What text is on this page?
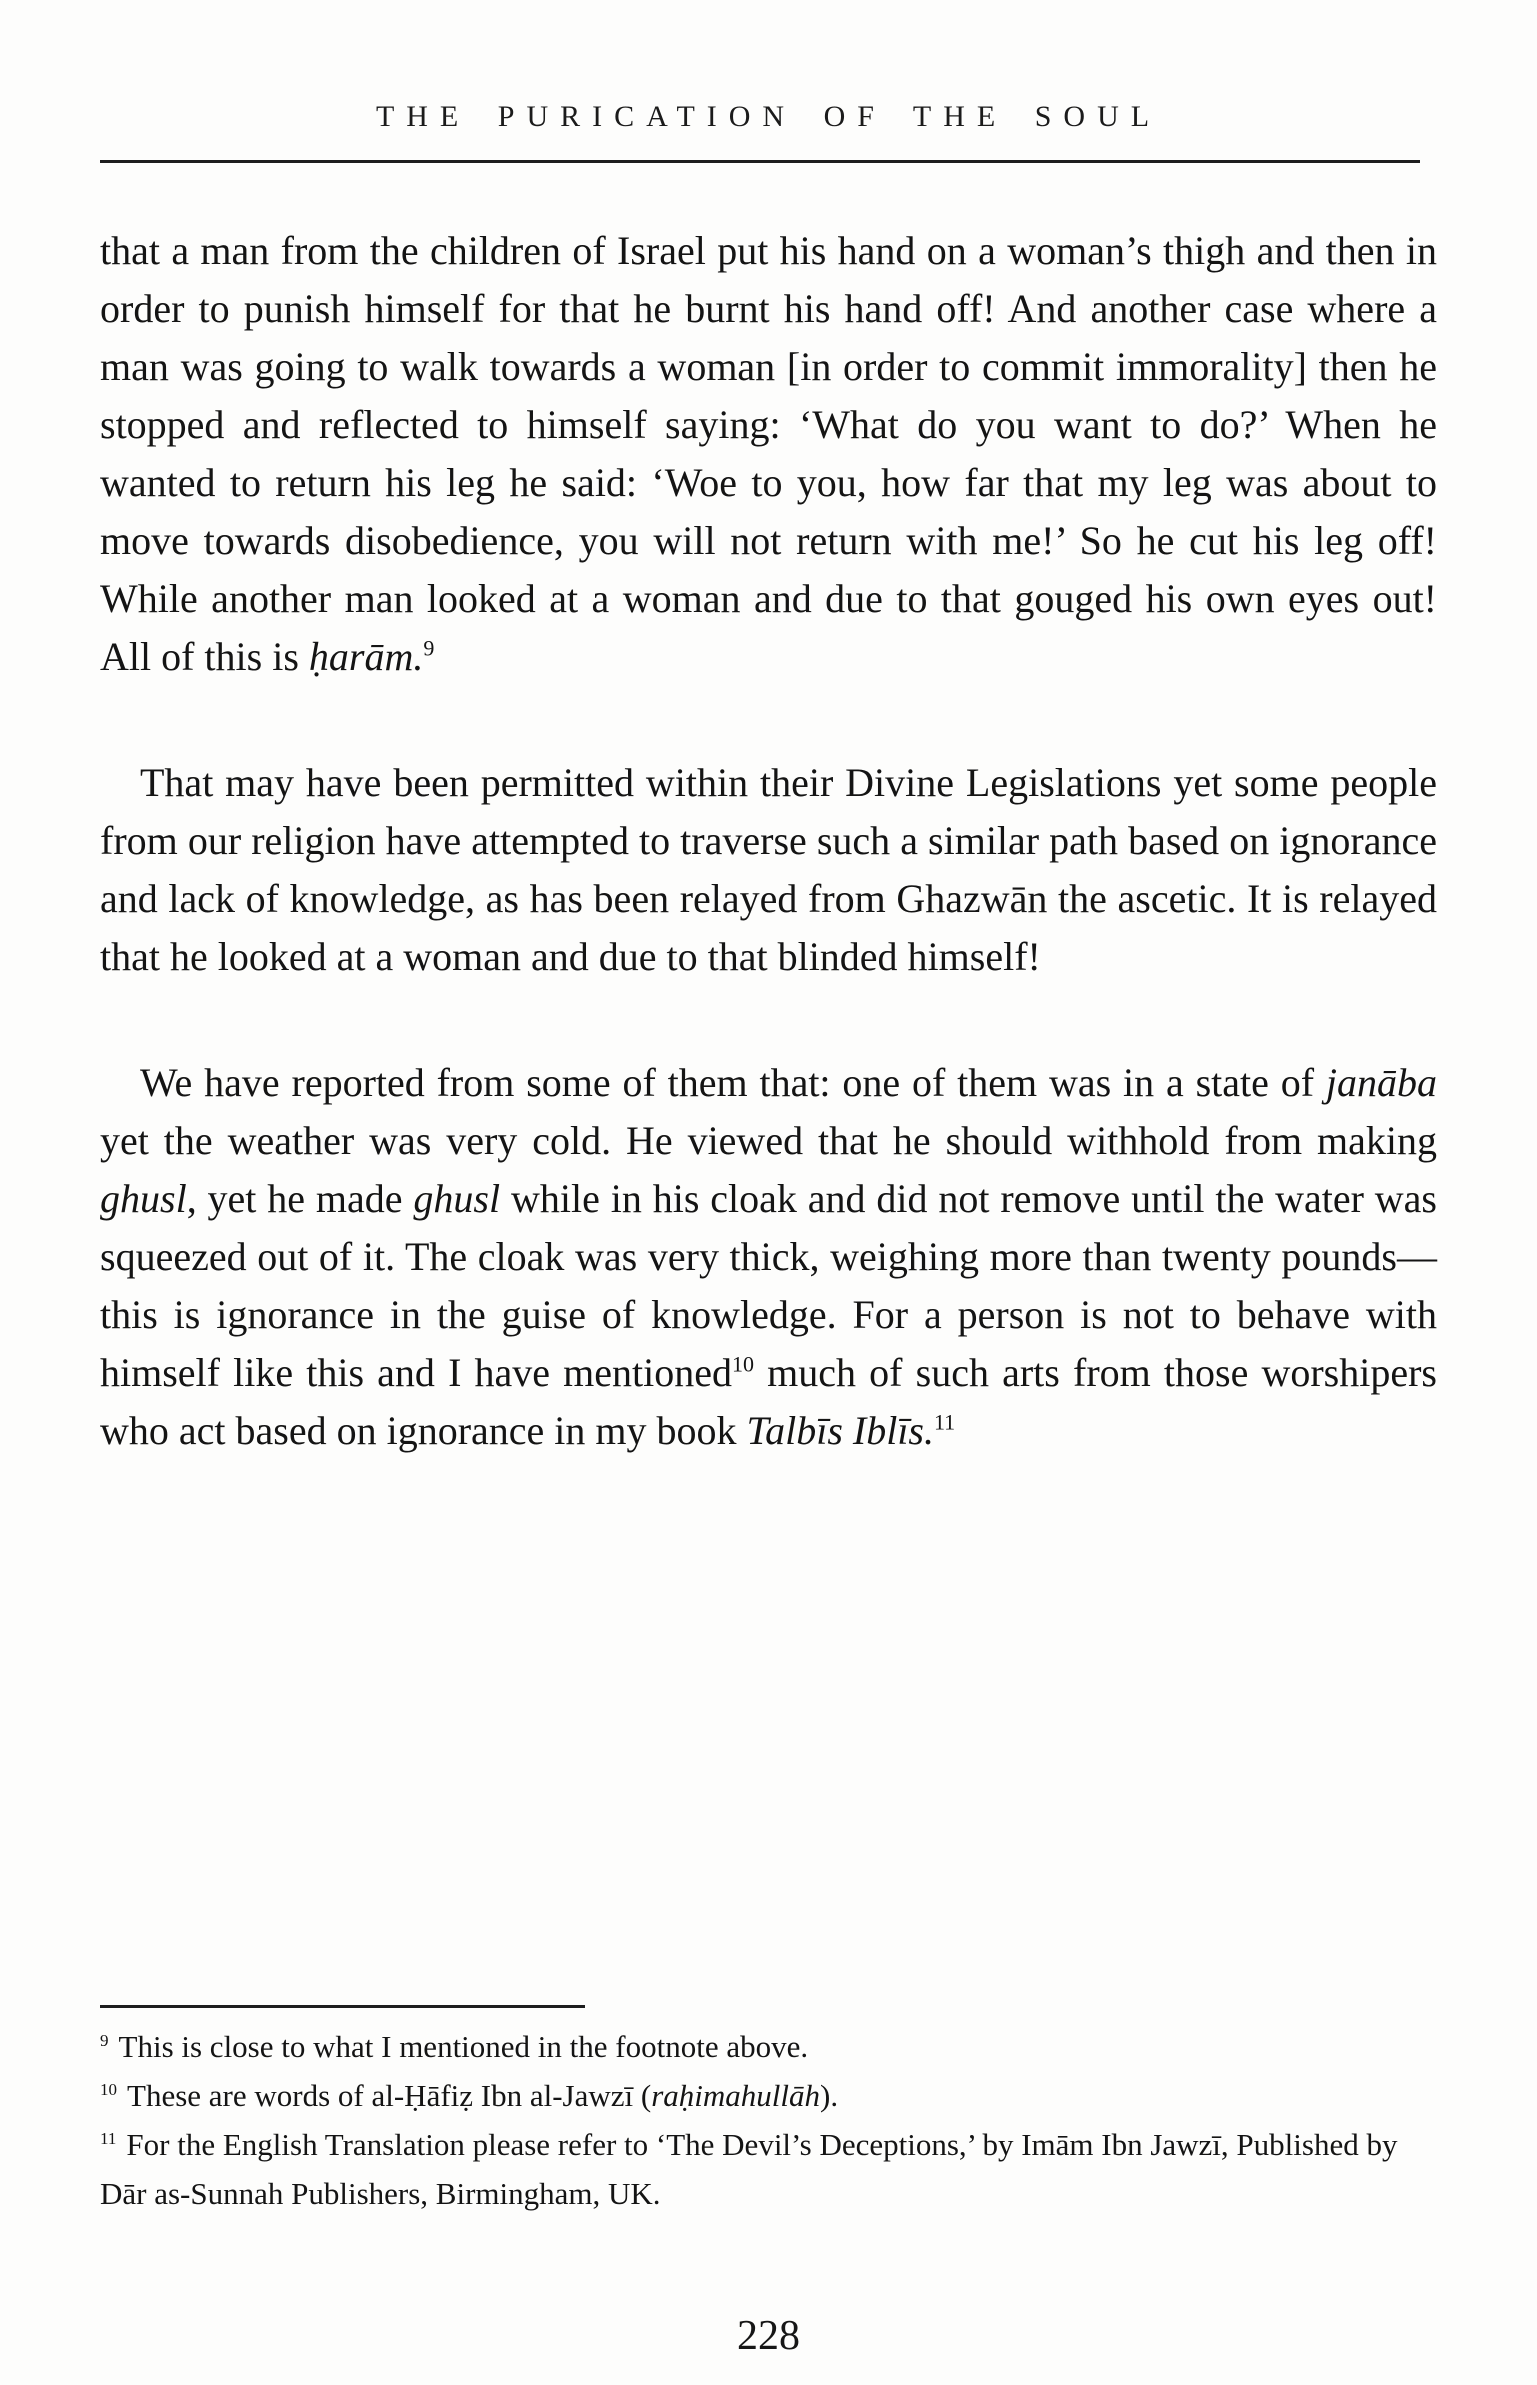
THE PURICATION OF THE SOUL

that a man from the children of Israel put his hand on a woman’s thigh and then in order to punish himself for that he burnt his hand off! And another case where a man was going to walk towards a woman [in order to commit immorality] then he stopped and reflected to himself saying: ‘What do you want to do?’ When he wanted to return his leg he said: ‘Woe to you, how far that my leg was about to move towards disobedience, you will not return with me!’ So he cut his leg off! While another man looked at a woman and due to that gouged his own eyes out! All of this is ḥarām.$^9$

That may have been permitted within their Divine Legislations yet some people from our religion have attempted to traverse such a similar path based on ignorance and lack of knowledge, as has been relayed from Ghazwān the ascetic. It is relayed that he looked at a woman and due to that blinded himself!

We have reported from some of them that: one of them was in a state of janāba yet the weather was very cold. He viewed that he should withhold from making ghusl, yet he made ghusl while in his cloak and did not remove until the water was squeezed out of it. The cloak was very thick, weighing more than twenty pounds—this is ignorance in the guise of knowledge. For a person is not to behave with himself like this and I have mentioned$^{10}$ much of such arts from those worshipers who act based on ignorance in my book Talbīs Iblīs.$^{11}$

$^9$ This is close to what I mentioned in the footnote above.

$^{10}$ These are words of al-Ḥāfiẓ Ibn al-Jawzī (raḥimahullāh).

$^{11}$ For the English Translation please refer to ‘The Devil’s Deceptions,’ by Imām Ibn Jawzī, Published by Dār as-Sunnah Publishers, Birmingham, UK.

228
